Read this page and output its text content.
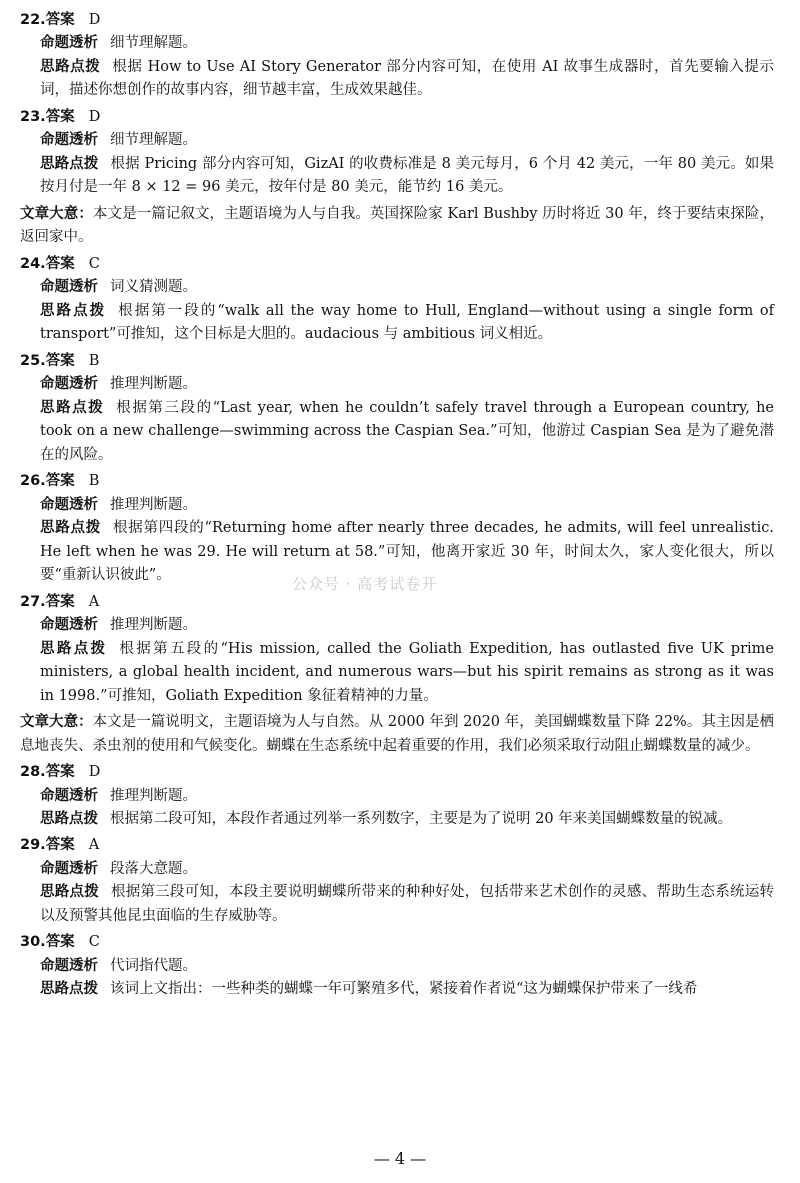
22.答案 D
命题透析 细节理解题。
思路点拨 根据 How to Use AI Story Generator 部分内容可知，在使用 AI 故事生成器时，首先要输入提示词，描述你想创作的故事内容，细节越丰富，生成效果越佳。
23.答案 D
命题透析 细节理解题。
思路点拨 根据 Pricing 部分内容可知，GizAI 的收费标准是 8 美元每月，6 个月 42 美元，一年 80 美元。如果按月付是一年 8 × 12 = 96 美元，按年付是 80 美元，能节约 16 美元。
文章大意：本文是一篇记叙文，主题语境为人与自我。英国探险家 Karl Bushby 历时将近 30 年，终于要结束探险，返回家中。
24.答案 C
命题透析 词义猜测题。
思路点拨 根据第一段的“walk all the way home to Hull, England—without using a single form of transport”可推知，这个目标是大胆的。audacious 与 ambitious 词义相近。
25.答案 B
命题透析 推理判断题。
思路点拨 根据第三段的“Last year, when he couldn’t safely travel through a European country, he took on a new challenge—swimming across the Caspian Sea.”可知，他游过 Caspian Sea 是为了避免潜在的风险。
26.答案 B
命题透析 推理判断题。
思路点拨 根据第四段的“Returning home after nearly three decades, he admits, will feel unrealistic. He left when he was 29. He will return at 58.”可知，他离开家近 30 年，时间太久，家人变化很大，所以要“重新认识彼此”。
27.答案 A
命题透析 推理判断题。
思路点拨 根据第五段的“His mission, called the Goliath Expedition, has outlasted five UK prime ministers, a global health incident, and numerous wars—but his spirit remains as strong as it was in 1998.”可推知，Goliath Expedition 象征着精神的力量。
文章大意：本文是一篇说明文，主题语境为人与自然。从 2000 年到 2020 年，美国蝴蝶数量下降 22%。其主因是栖息地丧失、杀虫剂的使用和气候变化。蝴蝶在生态系统中起着重要的作用，我们必须采取行动阻止蝴蝶数量的减少。
28.答案 D
命题透析 推理判断题。
思路点拨 根据第二段可知，本段作者通过列举一系列数字，主要是为了说明 20 年来美国蝴蝶数量的锐减。
29.答案 A
命题透析 段落大意题。
思路点拨 根据第三段可知，本段主要说明蝴蝶所带来的种种好处，包括带来艺术创作的灵感、帮助生态系统运转以及预警其他昆虫面临的生存威胁等。
30.答案 C
命题透析 代词指代题。
思路点拨 该词上文指出：一些种类的蝴蝶一年可繁殖多代，紧接着作者说“这为蝴蝶保护带来了一线希
公众号 · 高考试卷开
— 4 —
